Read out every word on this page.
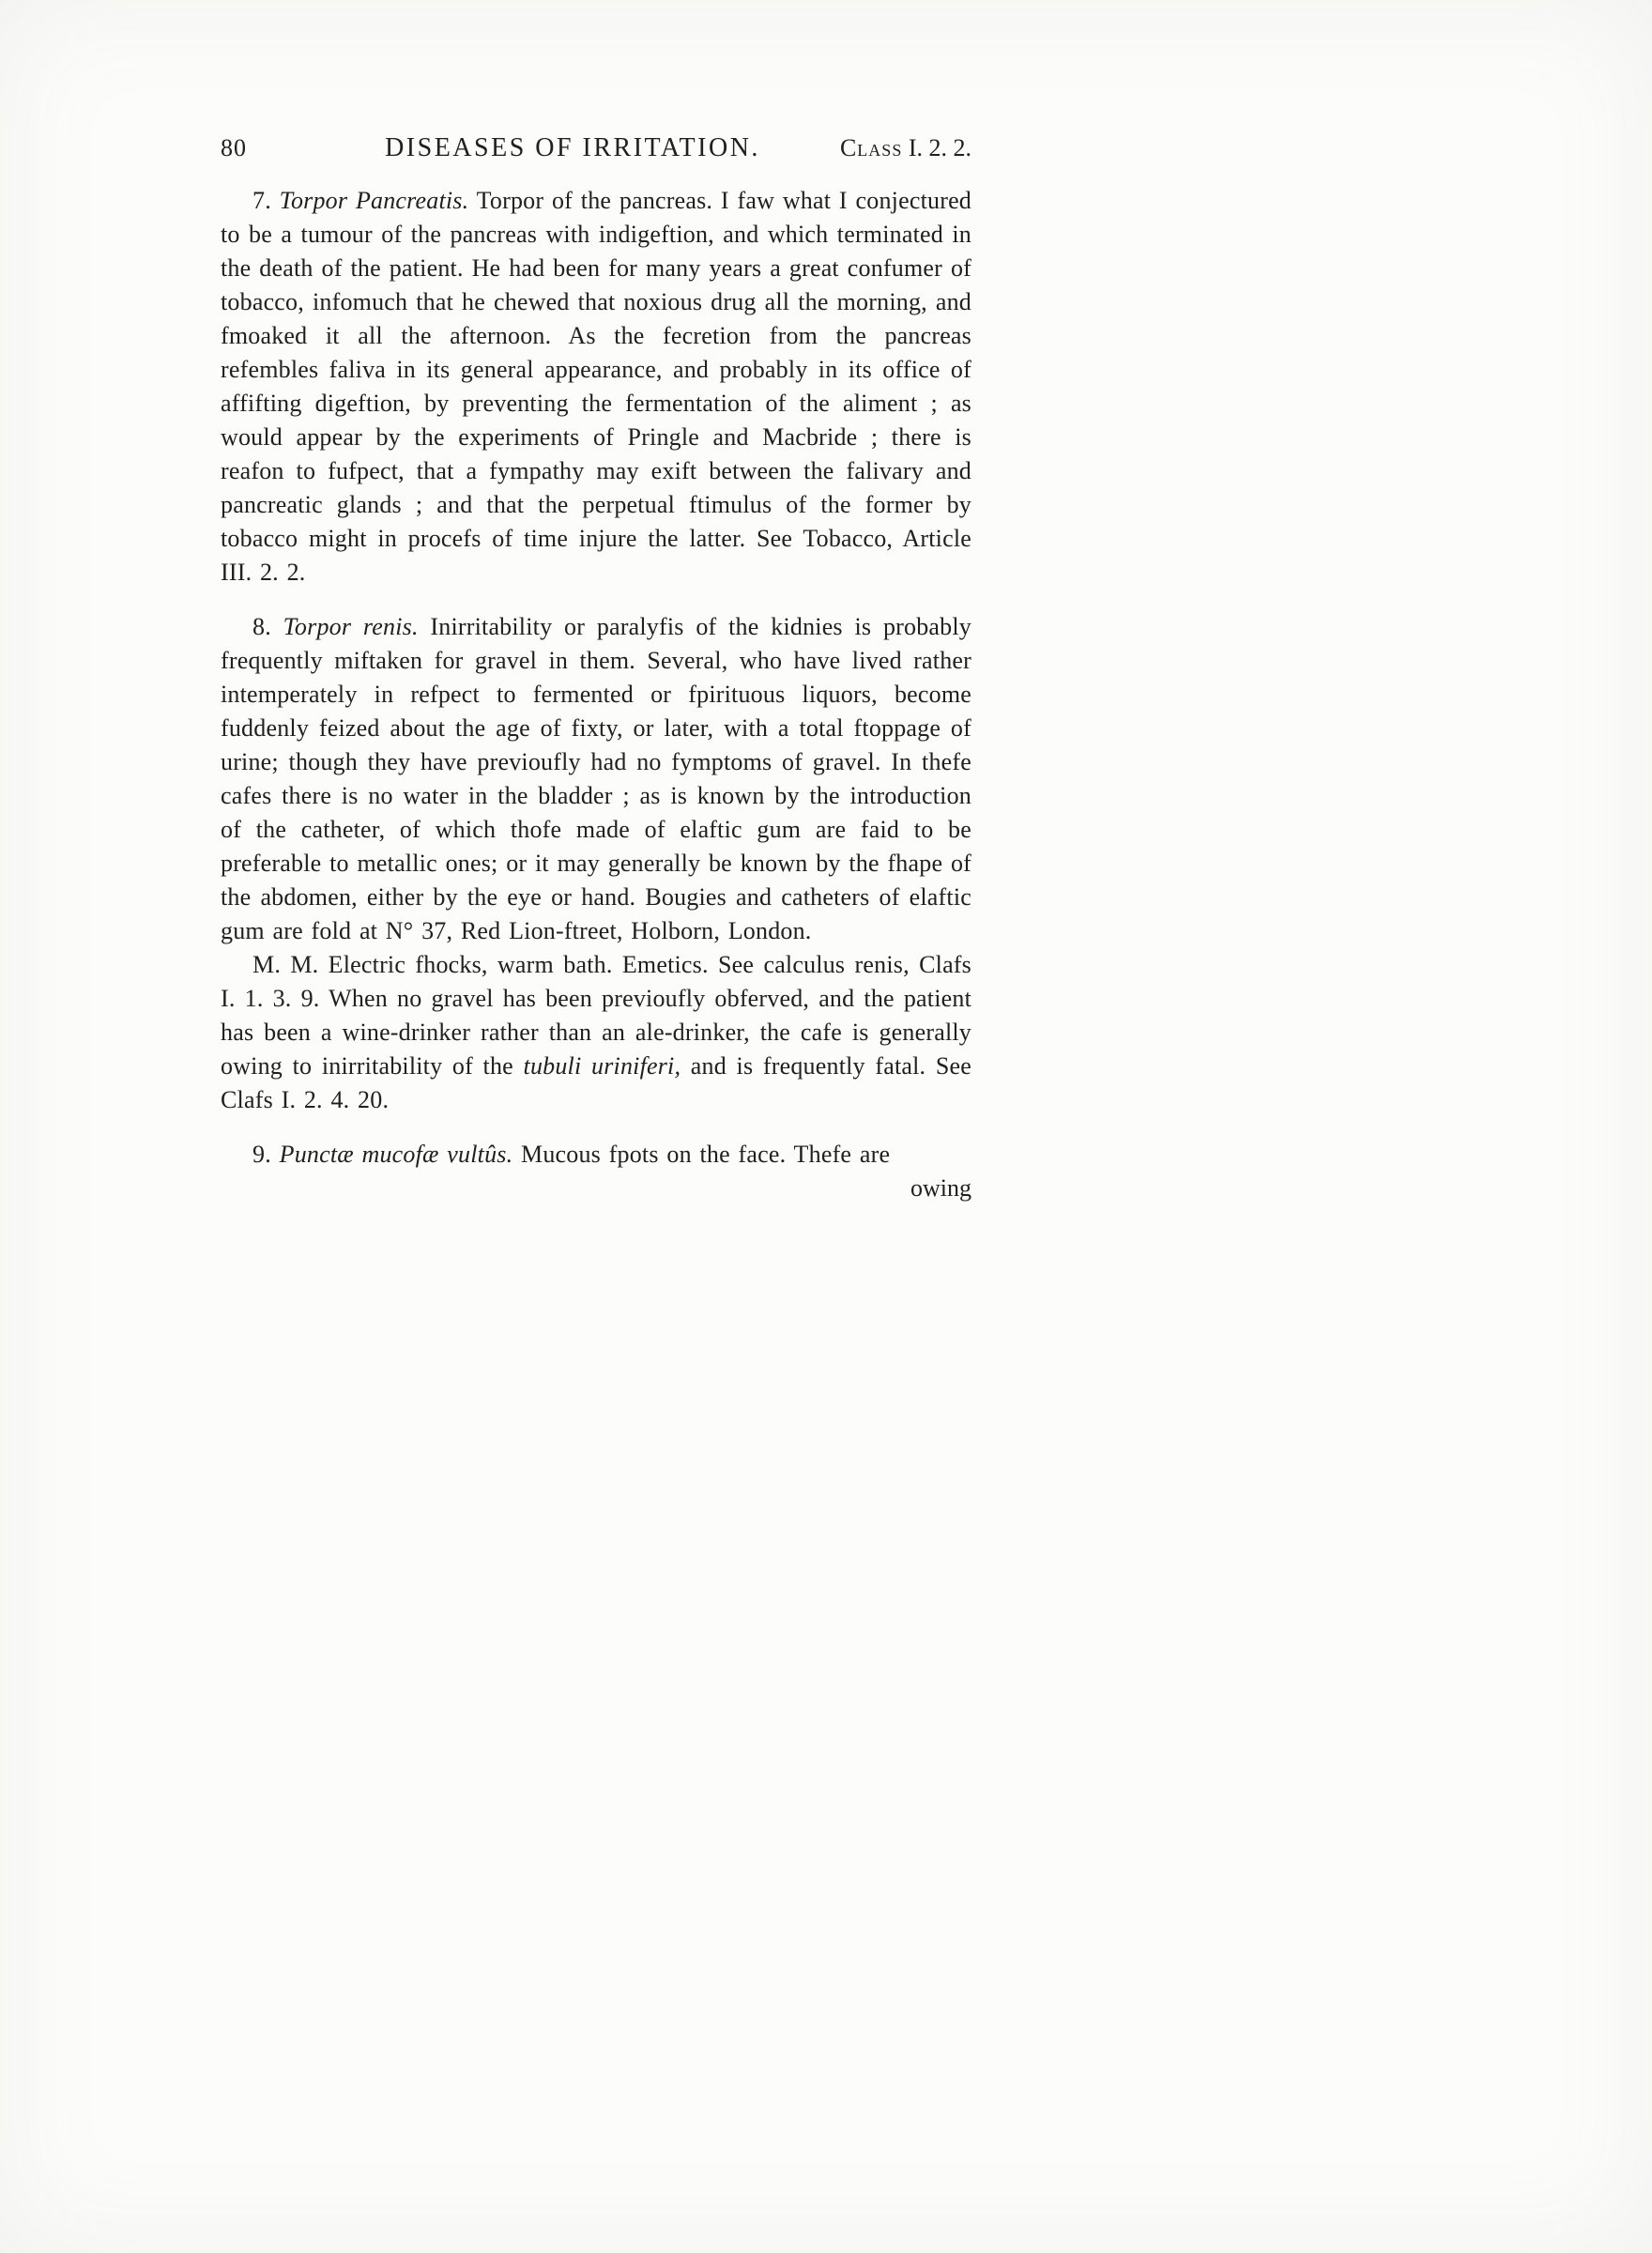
80	DISEASES OF IRRITATION.	Class I. 2. 2.

7. Torpor Pancreatis. Torpor of the pancreas. I faw what I conjectured to be a tumour of the pancreas with indigeftion, and which terminated in the death of the patient. He had been for many years a great confumer of tobacco, infomuch that he chewed that noxious drug all the morning, and fmoaked it all the afternoon. As the fecretion from the pancreas refembles faliva in its general appearance, and probably in its office of affifting digeftion, by preventing the fermentation of the aliment ; as would appear by the experiments of Pringle and Macbride ; there is reafon to fufpect, that a fympathy may exift between the falivary and pancreatic glands ; and that the perpetual ftimulus of the former by tobacco might in procefs of time injure the latter. See Tobacco, Article III. 2. 2.

8. Torpor renis. Inirritability or paralyfis of the kidnies is probably frequently miftaken for gravel in them. Several, who have lived rather intemperately in refpect to fermented or fpirituous liquors, become fuddenly feized about the age of fixty, or later, with a total ftoppage of urine; though they have previoufly had no fymptoms of gravel. In thefe cafes there is no water in the bladder ; as is known by the introduction of the catheter, of which thofe made of elaftic gum are faid to be preferable to metallic ones; or it may generally be known by the fhape of the abdomen, either by the eye or hand. Bougies and catheters of elaftic gum are fold at N° 37, Red Lion-ftreet, Holborn, London.

M. M. Electric fhocks, warm bath. Emetics. See calculus renis, Clafs I. 1. 3. 9. When no gravel has been previoufly obferved, and the patient has been a wine-drinker rather than an ale-drinker, the cafe is generally owing to inirritability of the tubuli uriniferi, and is frequently fatal. See Clafs I. 2. 4. 20.

9. Punctæ mucofæ vultûs. Mucous fpots on the face. Thefe are

owing
